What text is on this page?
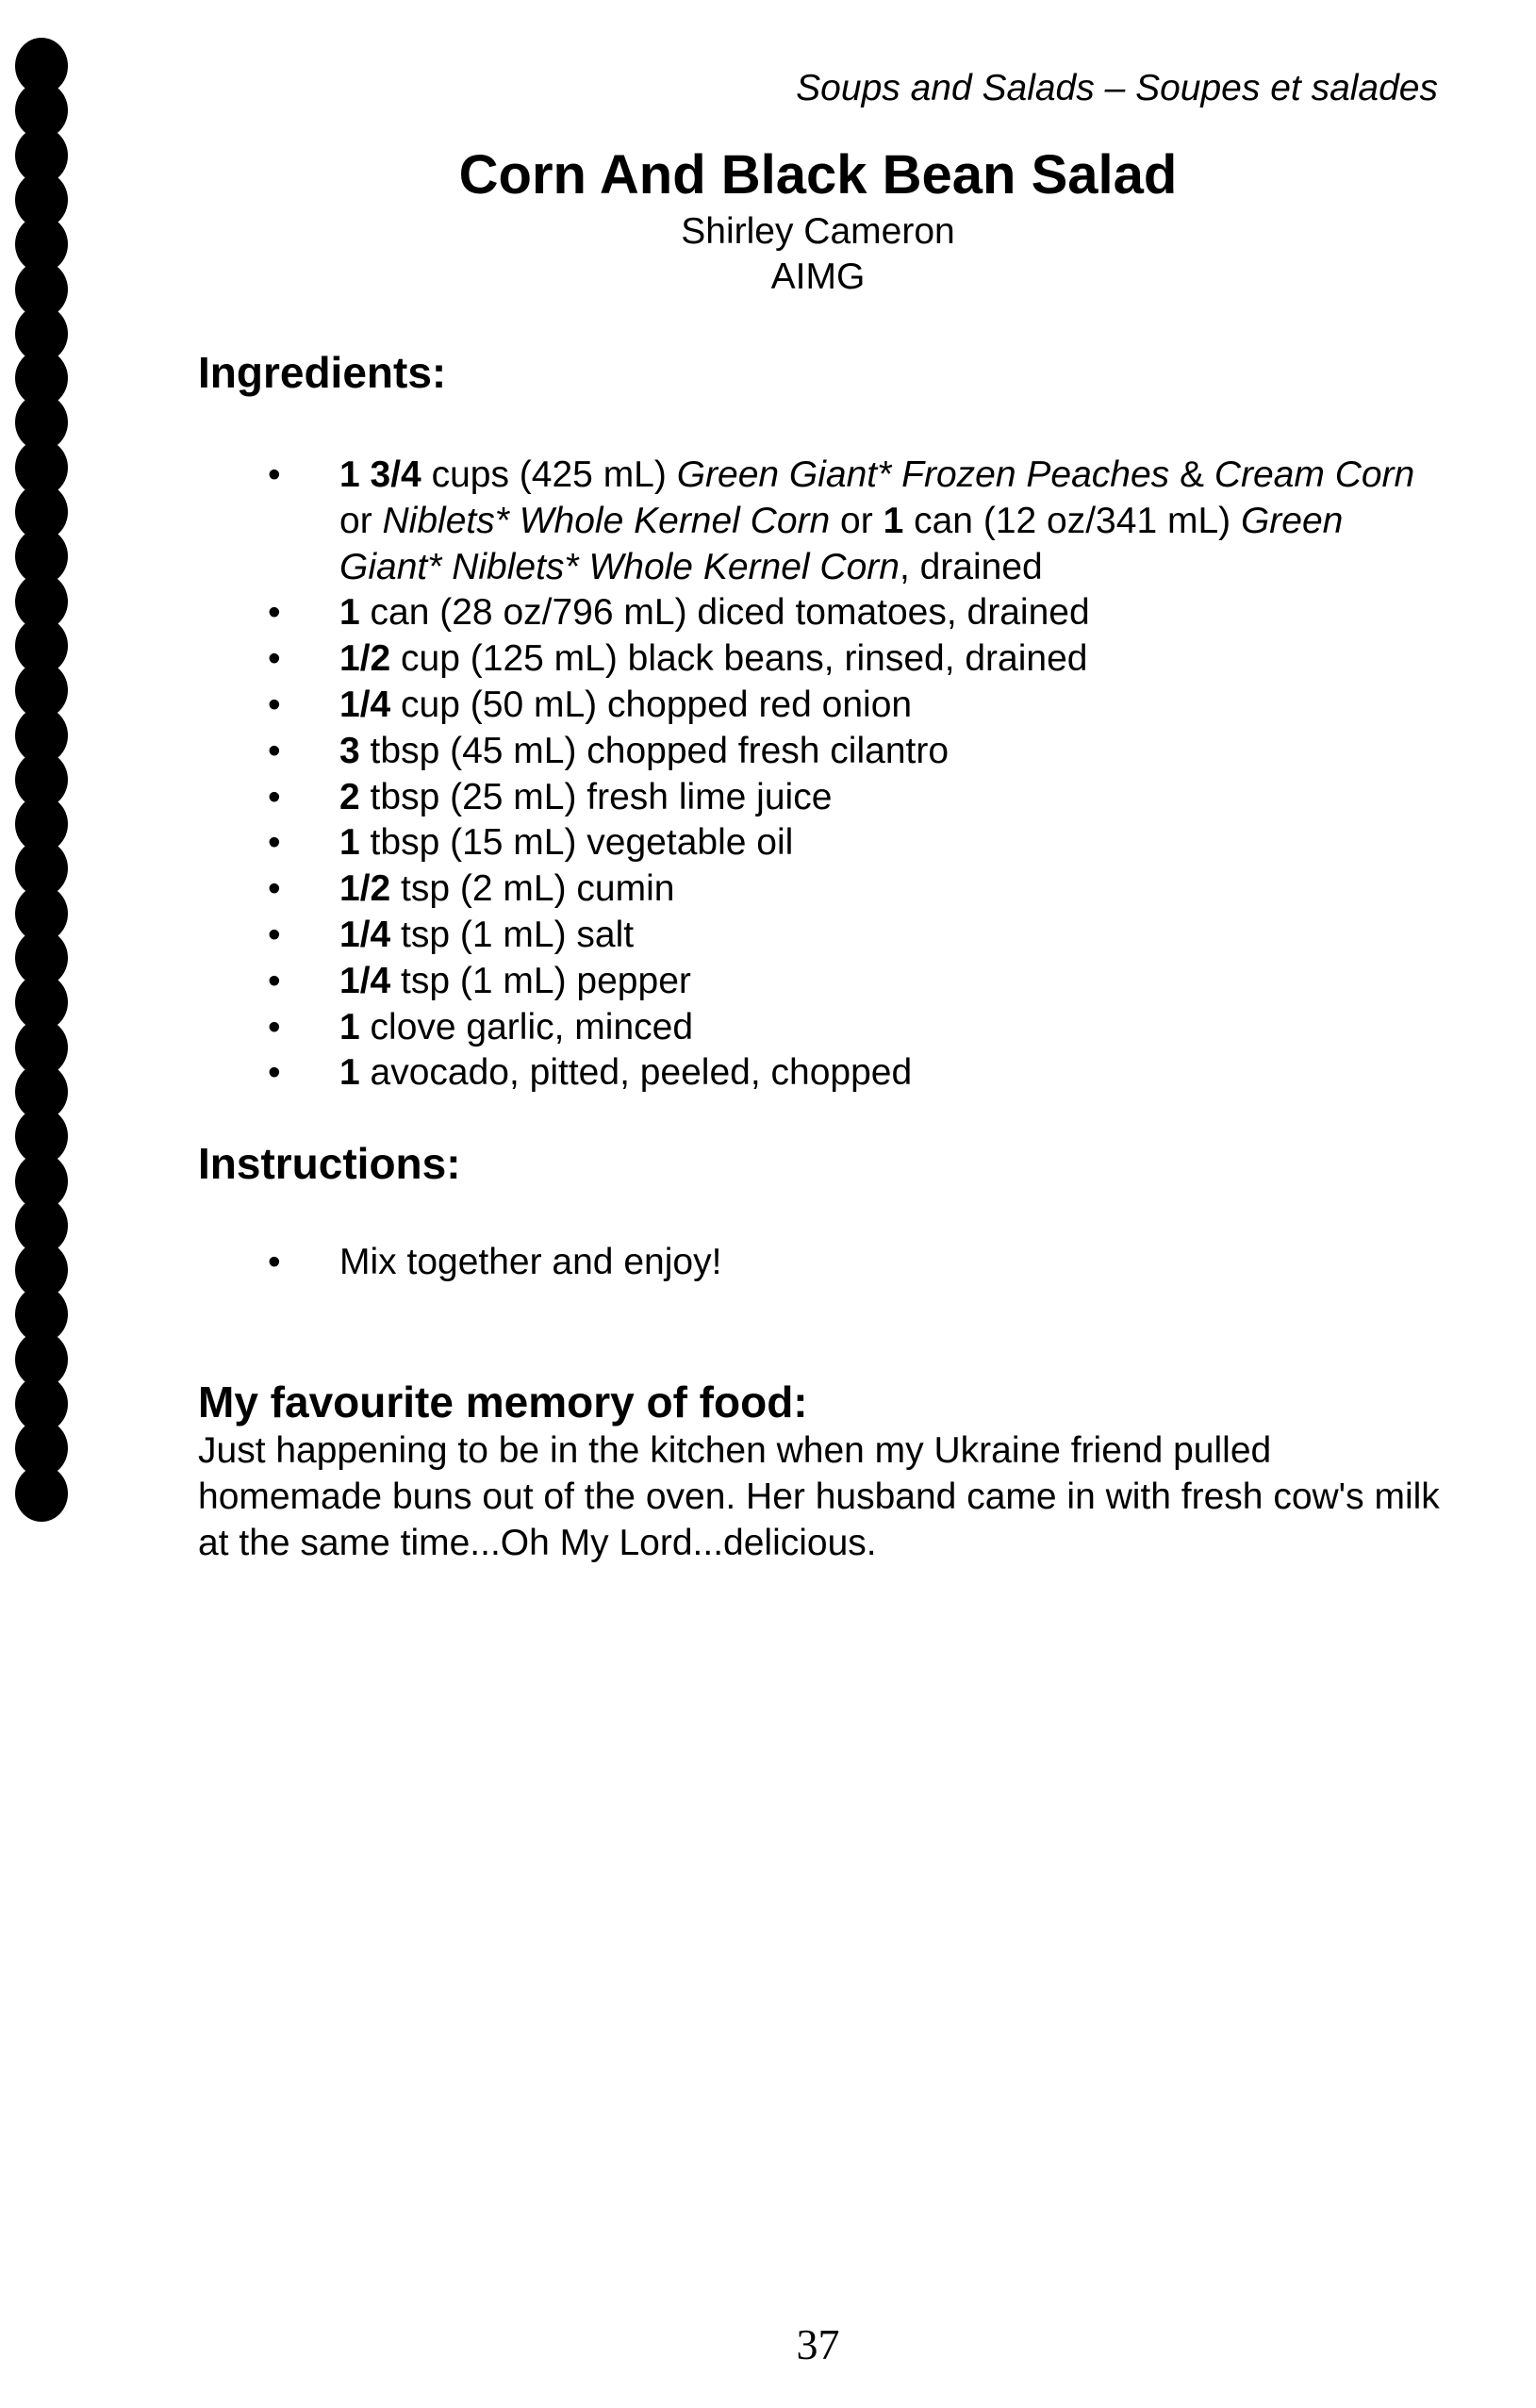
Soups and Salads – Soupes et salades
Corn And Black Bean Salad
Shirley Cameron
AIMG
Ingredients:
• 1 3/4 cups (425 mL) Green Giant* Frozen Peaches & Cream Corn or Niblets* Whole Kernel Corn or 1 can (12 oz/341 mL) Green Giant* Niblets* Whole Kernel Corn, drained
• 1 can (28 oz/796 mL) diced tomatoes, drained
• 1/2 cup (125 mL) black beans, rinsed, drained
• 1/4 cup (50 mL) chopped red onion
• 3 tbsp (45 mL) chopped fresh cilantro
• 2 tbsp (25 mL) fresh lime juice
• 1 tbsp (15 mL) vegetable oil
• 1/2 tsp (2 mL) cumin
• 1/4 tsp (1 mL) salt
• 1/4 tsp (1 mL) pepper
• 1 clove garlic, minced
• 1 avocado, pitted, peeled, chopped
Instructions:
• Mix together and enjoy!
My favourite memory of food:
Just happening to be in the kitchen when my Ukraine friend pulled homemade buns out of the oven. Her husband came in with fresh cow's milk at the same time...Oh My Lord...delicious.
37
